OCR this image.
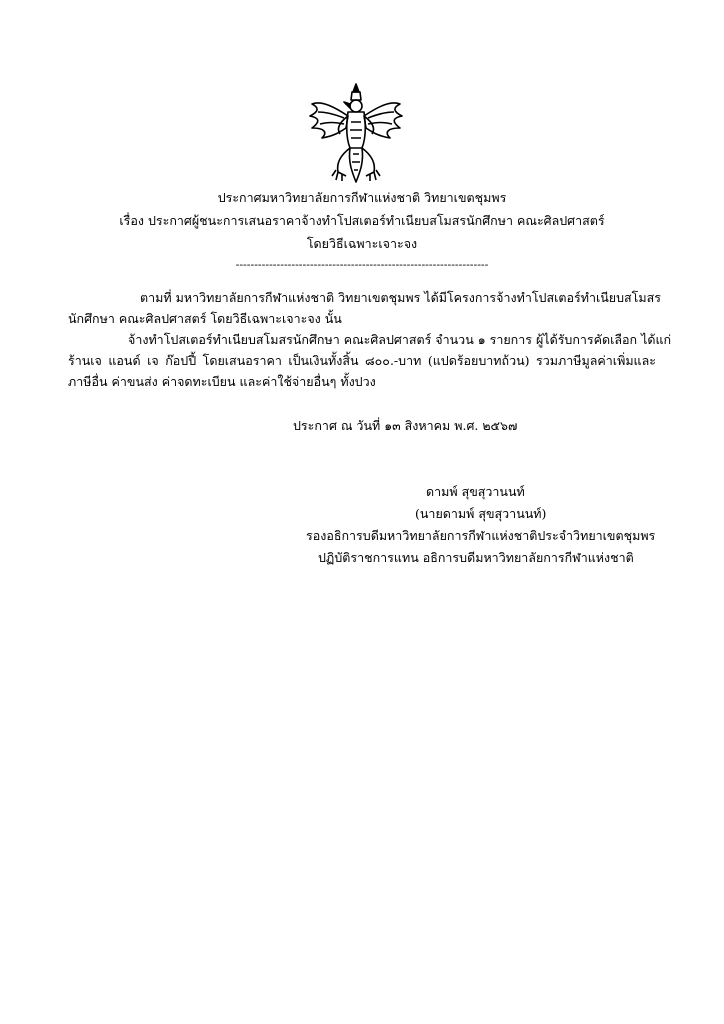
ประกาศมหาวิทยาลัยการกีฬาแห่งชาติ วิทยาเขตชุมพร
เรื่อง ประกาศผู้ชนะการเสนอราคาจ้างทำโปสเตอร์ทำเนียบสโมสรนักศึกษา คณะศิลปศาสตร์
โดยวิธีเฉพาะเจาะจง
--------------------------------------------------------------------
ตามที่ มหาวิทยาลัยการกีฬาแห่งชาติ วิทยาเขตชุมพร ได้มีโครงการจ้างทำโปสเตอร์ทำเนียบสโมสร
นักศึกษา คณะศิลปศาสตร์ โดยวิธีเฉพาะเจาะจง นั้น
จ้างทำโปสเตอร์ทำเนียบสโมสรนักศึกษา คณะศิลปศาสตร์ จำนวน ๑ รายการ ผู้ได้รับการคัดเลือก ได้แก่
ร้านเจ แอนด์ เจ ก๊อปปี้ โดยเสนอราคา เป็นเงินทั้งสิ้น ๘๐๐.-บาท (แปดร้อยบาทถ้วน) รวมภาษีมูลค่าเพิ่มและ
ภาษีอื่น ค่าขนส่ง ค่าจดทะเบียน และค่าใช้จ่ายอื่นๆ ทั้งปวง
ประกาศ ณ วันที่ ๑๓ สิงหาคม พ.ศ. ๒๕๖๗
ดามพ์ สุขสุวานนท์
(นายดามพ์ สุขสุวานนท์)
รองอธิการบดีมหาวิทยาลัยการกีฬาแห่งชาติประจำวิทยาเขตชุมพร
ปฏิบัติราชการแทน อธิการบดีมหาวิทยาลัยการกีฬาแห่งชาติ
